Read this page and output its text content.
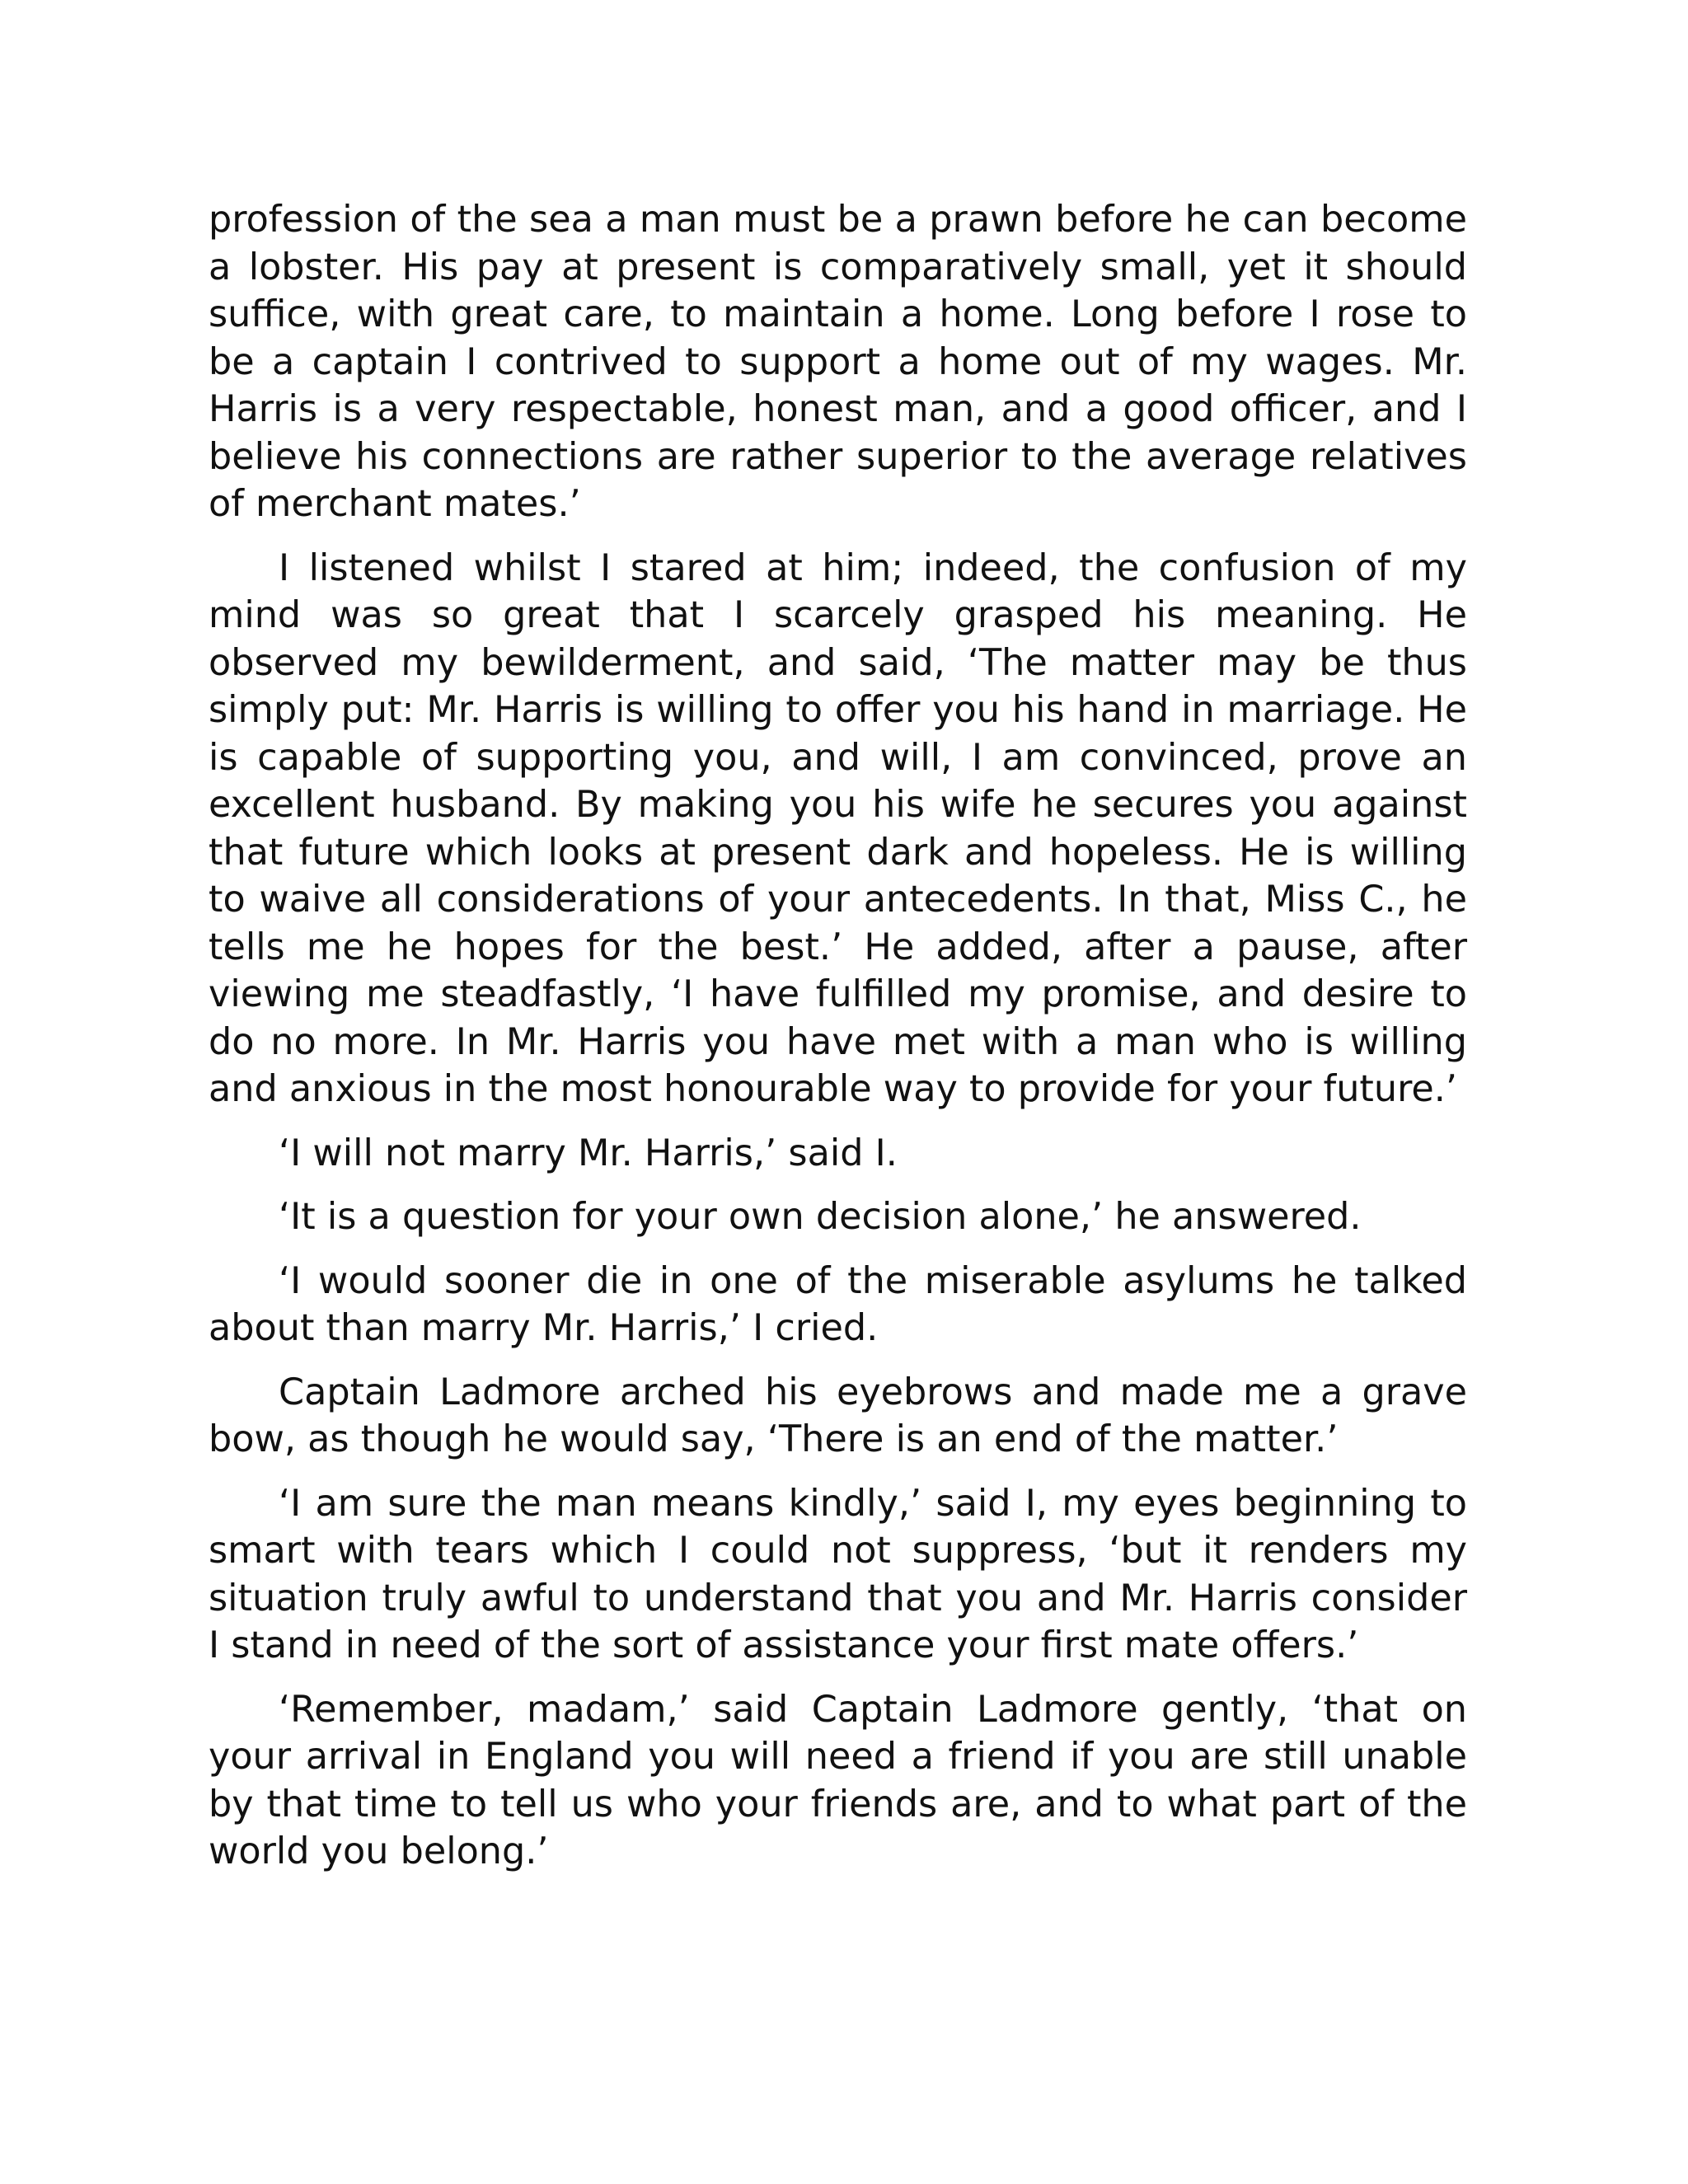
profession of the sea a man must be a prawn before he can become a lobster. His pay at present is comparatively small, yet it should suffice, with great care, to maintain a home. Long before I rose to be a captain I contrived to support a home out of my wages. Mr. Harris is a very respectable, honest man, and a good officer, and I believe his connections are rather superior to the average relatives of merchant mates.’

I listened whilst I stared at him; indeed, the confusion of my mind was so great that I scarcely grasped his meaning. He observed my bewilderment, and said, ‘The matter may be thus simply put: Mr. Harris is willing to offer you his hand in marriage. He is capable of supporting you, and will, I am convinced, prove an excellent husband. By making you his wife he secures you against that future which looks at present dark and hopeless. He is willing to waive all considerations of your antecedents. In that, Miss C., he tells me he hopes for the best.’ He added, after a pause, after viewing me steadfastly, ‘I have fulfilled my promise, and desire to do no more. In Mr. Harris you have met with a man who is willing and anxious in the most honourable way to provide for your future.’

‘I will not marry Mr. Harris,’ said I.

‘It is a question for your own decision alone,’ he answered.

‘I would sooner die in one of the miserable asylums he talked about than marry Mr. Harris,’ I cried.

Captain Ladmore arched his eyebrows and made me a grave bow, as though he would say, ‘There is an end of the matter.’

‘I am sure the man means kindly,’ said I, my eyes beginning to smart with tears which I could not suppress, ‘but it renders my situation truly awful to understand that you and Mr. Harris consider I stand in need of the sort of assistance your first mate offers.’

‘Remember, madam,’ said Captain Ladmore gently, ‘that on your arrival in England you will need a friend if you are still unable by that time to tell us who your friends are, and to what part of the world you belong.’
